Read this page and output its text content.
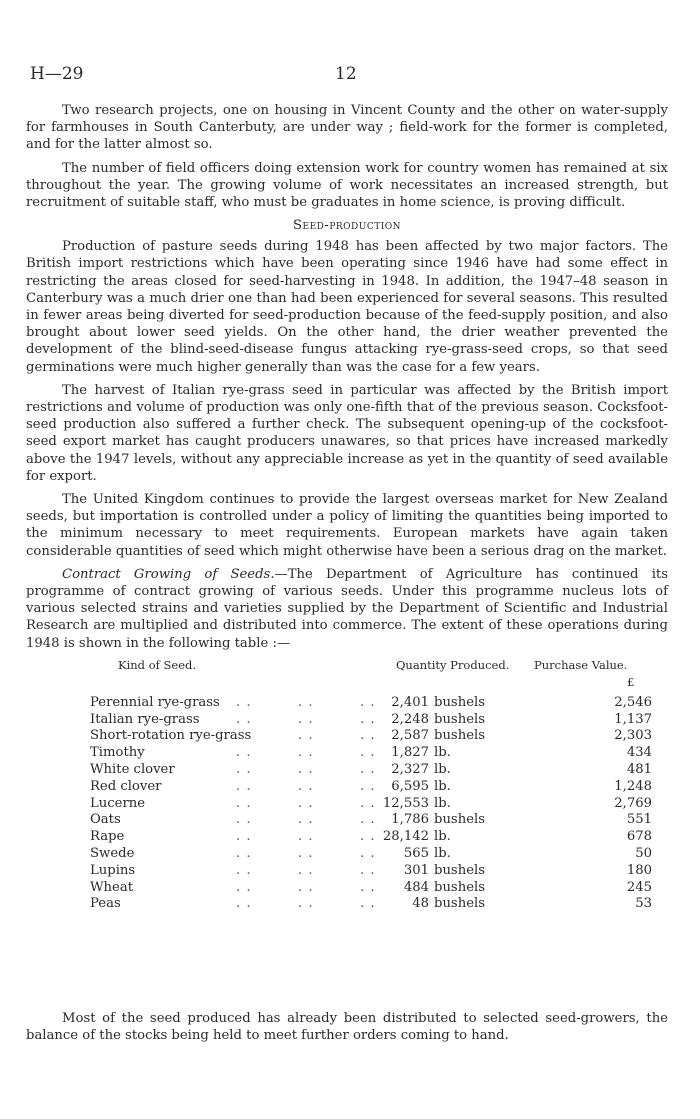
H—29	12

Two research projects, one on housing in Vincent County and the other on water-supply for farmhouses in South Canterbuty, are under way ; field-work for the former is completed, and for the latter almost so.

The number of field officers doing extension work for country women has remained at six throughout the year. The growing volume of work necessitates an increased strength, but recruitment of suitable staff, who must be graduates in home science, is proving difficult.

Seed-production

Production of pasture seeds during 1948 has been affected by two major factors. The British import restrictions which have been operating since 1946 have had some effect in restricting the areas closed for seed-harvesting in 1948. In addition, the 1947–48 season in Canterbury was a much drier one than had been experienced for several seasons. This resulted in fewer areas being diverted for seed-production because of the feed-supply position, and also brought about lower seed yields. On the other hand, the drier weather prevented the development of the blind-seed-disease fungus attacking rye-grass-seed crops, so that seed germinations were much higher generally than was the case for a few years.

The harvest of Italian rye-grass seed in particular was affected by the British import restrictions and volume of production was only one-fifth that of the previous season. Cocksfoot-seed production also suffered a further check. The subsequent opening-up of the cocksfoot-seed export market has caught producers unawares, so that prices have increased markedly above the 1947 levels, without any appreciable increase as yet in the quantity of seed available for export.

The United Kingdom continues to provide the largest overseas market for New Zealand seeds, but importation is controlled under a policy of limiting the quantities being imported to the minimum necessary to meet requirements. European markets have again taken considerable quantities of seed which might otherwise have been a serious drag on the market.

Contract Growing of Seeds.—The Department of Agriculture has continued its programme of contract growing of various seeds. Under this programme nucleus lots of various selected strains and varieties supplied by the Department of Scientific and Industrial Research are multiplied and distributed into commerce. The extent of these operations during 1948 is shown in the following table :—

Kind of Seed.	Quantity Produced. Purchase Value.
£
Perennial rye-grass . .	. .	. .	2,401 bushels	2,546
Italian rye-grass	. .	. .	. .	2,248 bushels	1,137
Short-rotation rye-grass	. .	. .	2,587 bushels	2,303
Timothy	. .	. .	. .	1,827 lb.	434
White clover	. .	. .	. .	2,327 lb.	481
Red clover	. .	. .	. .	6,595 lb.	1,248
Lucerne	. .	. .	. . 12,553 lb.	2,769
Oats	. .	. .	. .	1,786 bushels	551
Rape	. .	. .	. . 28,142 lb.	678
Swede	. .	. .	. .	565 lb.	50
Lupins	. .	. .	. .	301 bushels	180
Wheat	. .	. .	. .	484 bushels	245
Peas	. .	. .	. .	48 bushels	53

Most of the seed produced has already been distributed to selected seed-growers, the balance of the stocks being held to meet further orders coming to hand.
